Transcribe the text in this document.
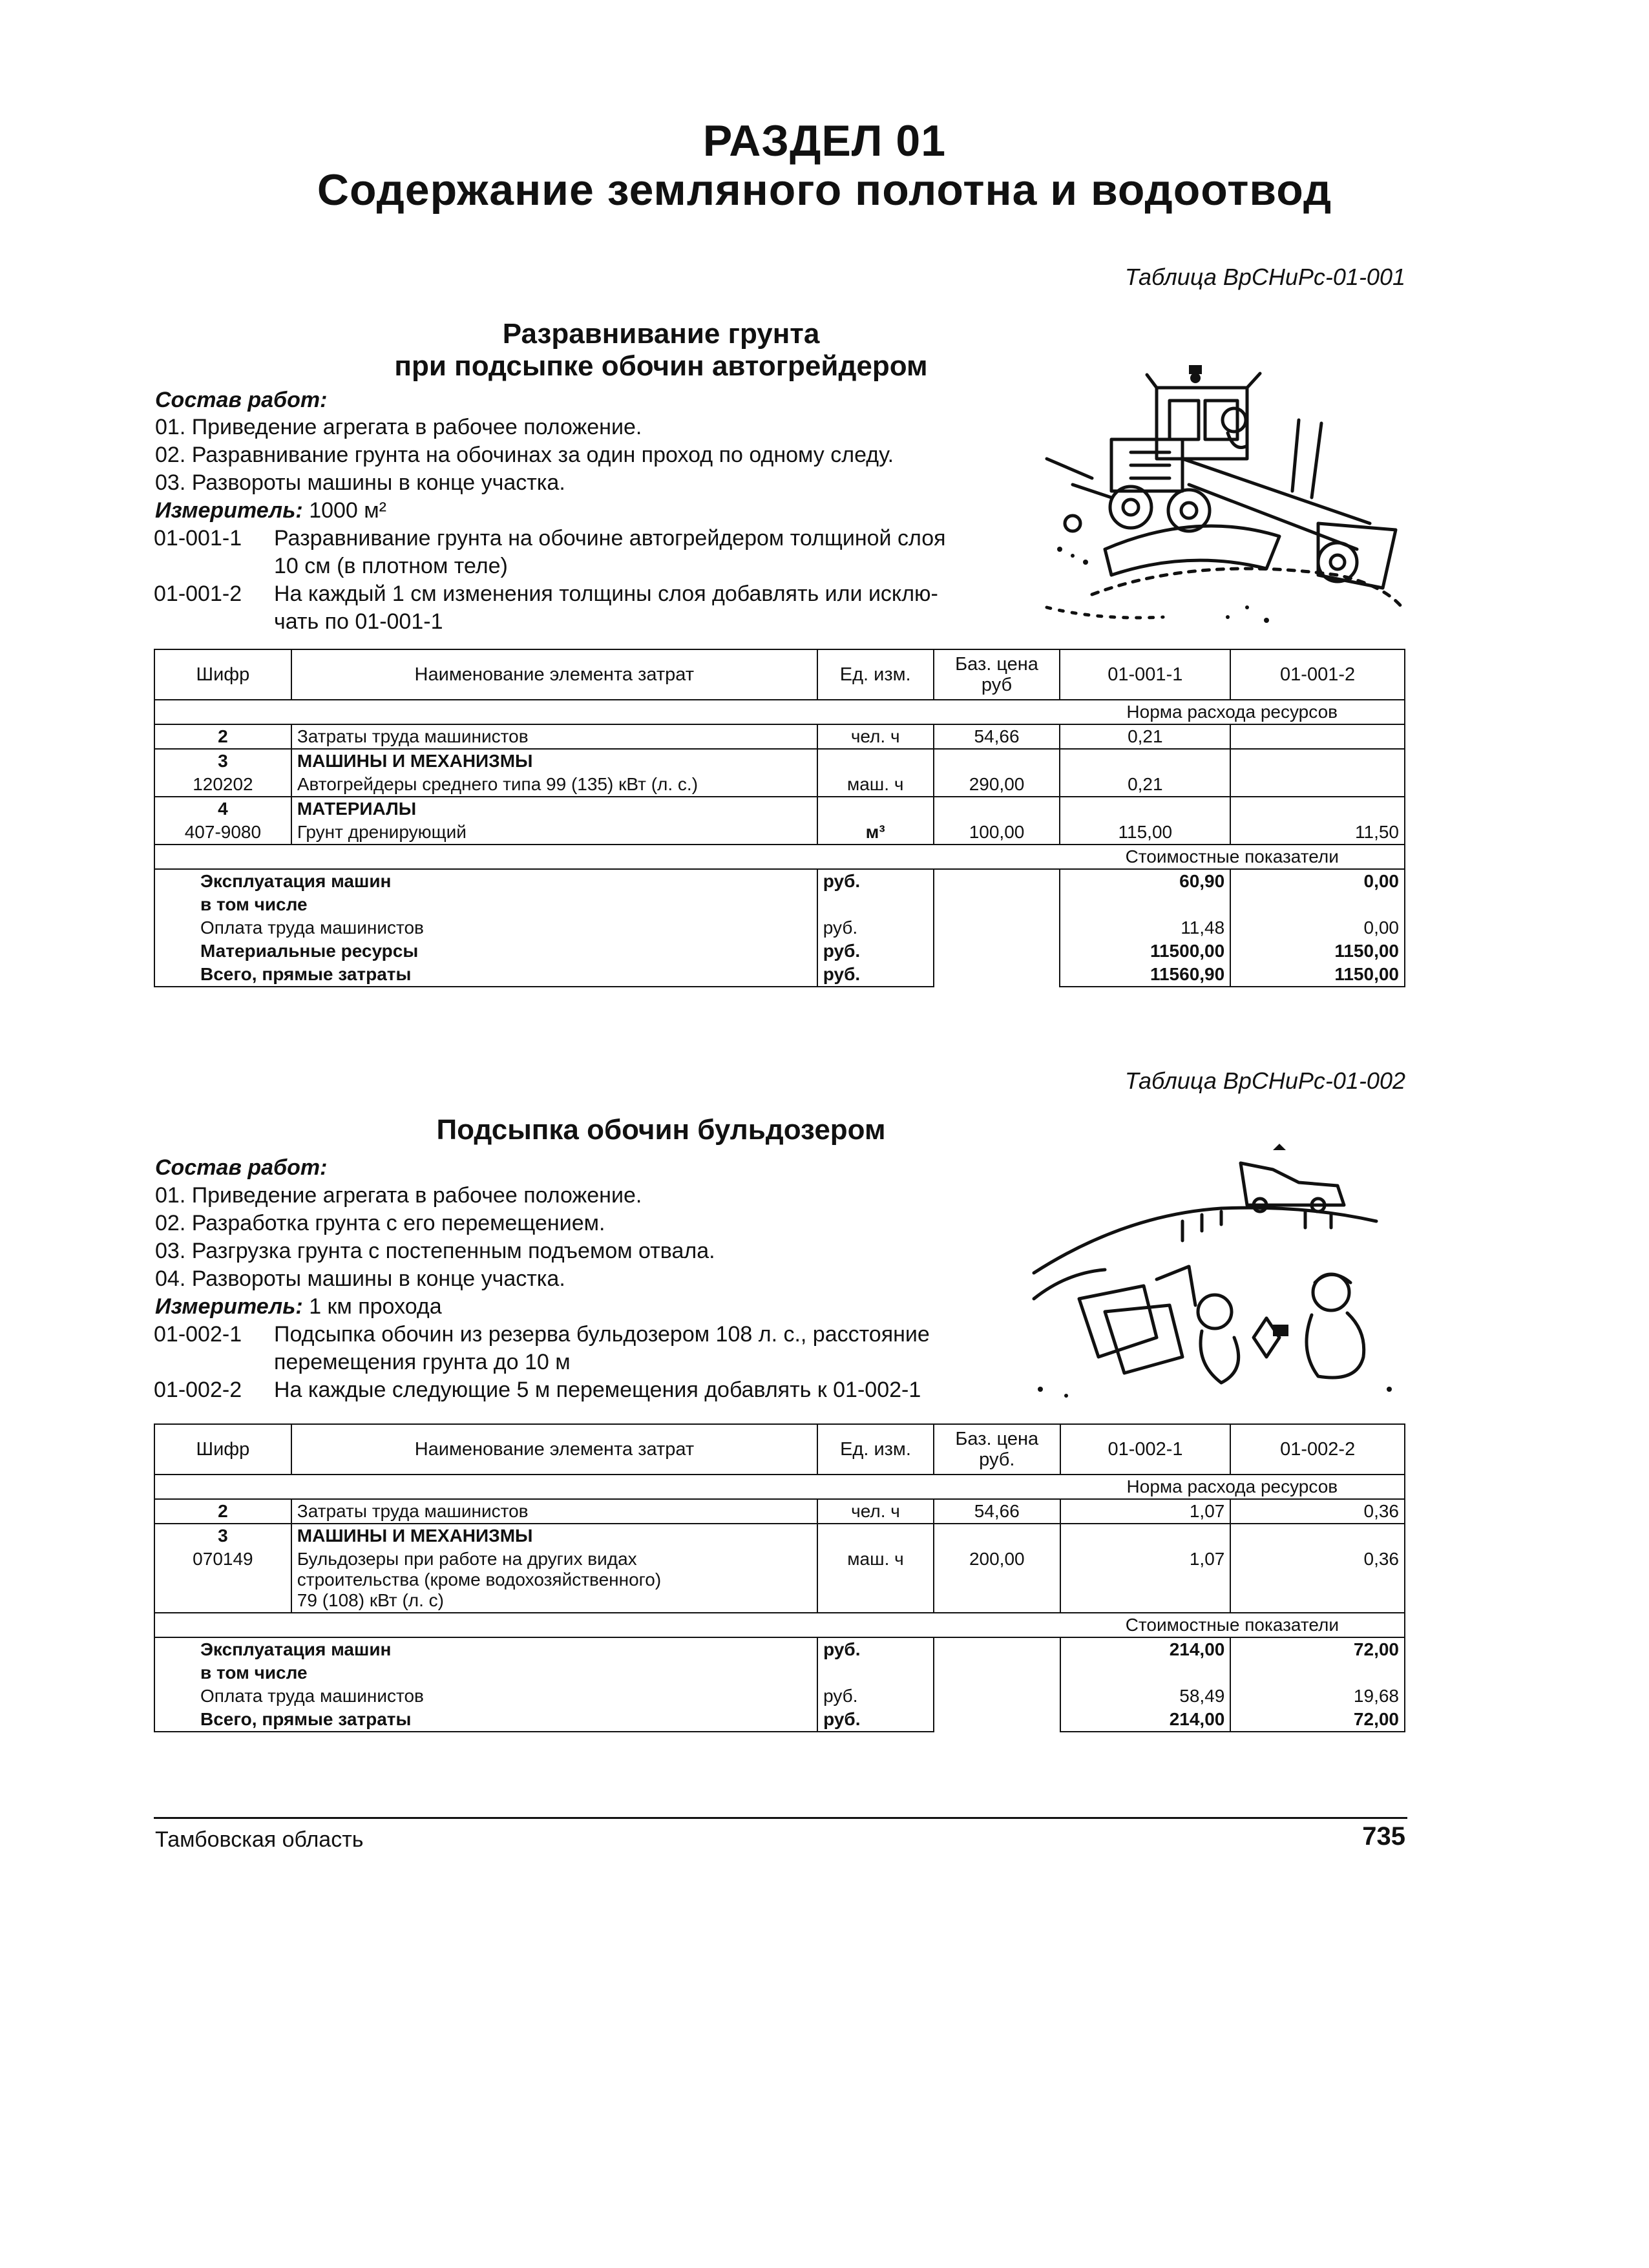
РАЗДЕЛ 01
Содержание земляного полотна и водоотвод
Таблица ВрСНиРс-01-001
Разравнивание грунта
при подсыпке обочин автогрейдером
Состав работ:
01. Приведение агрегата в рабочее положение.
02. Разравнивание грунта на обочинах за один проход по одному следу.
03. Развороты машины в конце участка.
Измеритель: 1000 м²
01-001-1 Разравнивание грунта на обочине автогрейдером толщиной слоя
10 см (в плотном теле)
01-001-2 На каждый 1 см изменения толщины слоя добавлять или исклю-
чать по 01-001-1
Шифр	Наименование элемента затрат	Ед. изм.	Баз. цена руб	01-001-1	01-001-2
				Норма расхода ресурсов	
2	Затраты труда машинистов	чел. ч	54,66	0,21	
3	МАШИНЫ И МЕХАНИЗМЫ				
120202	Автогрейдеры среднего типа 99 (135) кВт (л. с.)	маш. ч	290,00	0,21	
4	МАТЕРИАЛЫ				
407-9080	Грунт дренирующий	м³	100,00	115,00	11,50
				Стоимостные показатели	
Эксплуатация машин		руб.		60,90	0,00
в том числе					
Оплата труда машинистов		руб.		11,48	0,00
Материальные ресурсы		руб.		11500,00	1150,00
Всего, прямые затраты		руб.		11560,90	1150,00
Таблица ВрСНиРс-01-002
Подсыпка обочин бульдозером
Состав работ:
01. Приведение агрегата в рабочее положение.
02. Разработка грунта с его перемещением.
03. Разгрузка грунта с постепенным подъемом отвала.
04. Развороты машины в конце участка.
Измеритель: 1 км прохода
01-002-1 Подсыпка обочин из резерва бульдозером 108 л. с., расстояние
перемещения грунта до 10 м
01-002-2 На каждые следующие 5 м перемещения добавлять к 01-002-1
Шифр	Наименование элемента затрат	Ед. изм.	Баз. цена руб.	01-002-1	01-002-2
				Норма расхода ресурсов	
2	Затраты труда машинистов	чел. ч	54,66	1,07	0,36
3	МАШИНЫ И МЕХАНИЗМЫ				
070149	Бульдозеры при работе на других видах строительства (кроме водохозяйственного) 79 (108) кВт (л. с)	маш. ч	200,00	1,07	0,36
				Стоимостные показатели	
Эксплуатация машин		руб.		214,00	72,00
в том числе					
Оплата труда машинистов		руб.		58,49	19,68
Всего, прямые затраты		руб.		214,00	72,00
Тамбовская область	735
